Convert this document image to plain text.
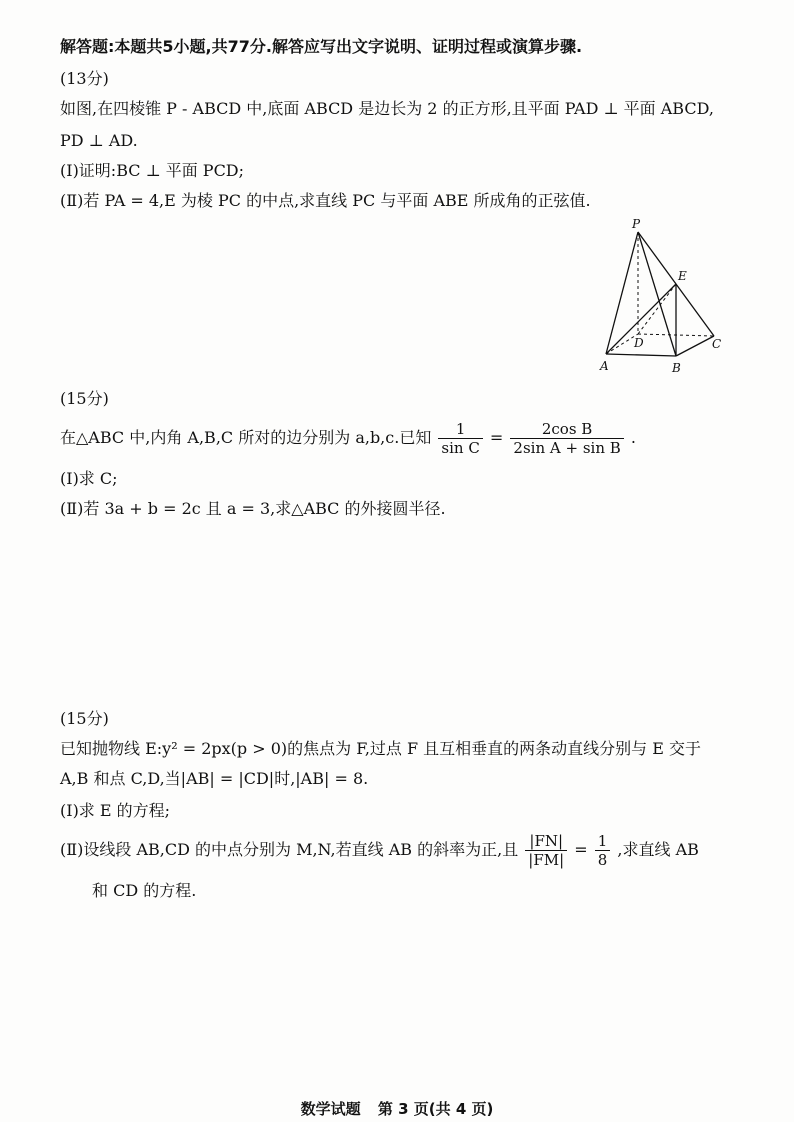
解答题:本题共5小题,共77分.解答应写出文字说明、证明过程或演算步骤.
(13分)
如图,在四棱锥 P - ABCD 中,底面 ABCD 是边长为 2 的正方形,且平面 PAD ⊥ 平面 ABCD,
PD ⊥ AD.
(Ⅰ)证明:BC ⊥ 平面 PCD;
(Ⅱ)若 PA = 4,E 为棱 PC 的中点,求直线 PC 与平面 ABE 所成角的正弦值.
P
E
D	C
A	B
(15分)
在△ABC 中,内角 A,B,C 所对的边分别为 a,b,c.已知 $\frac{1}{\text{sin C}} = \frac{\text{2cos B}}{\text{2sin A + sin B}}$ .
(Ⅰ)求 C;
(Ⅱ)若 3a + b = 2c 且 a = 3,求△ABC 的外接圆半径.
(15分)
已知抛物线 E:y² = 2px(p > 0)的焦点为 F,过点 F 且互相垂直的两条动直线分别与 E 交于
A,B 和点 C,D,当|AB| = |CD|时,|AB| = 8.
(Ⅰ)求 E 的方程;
(Ⅱ)设线段 AB,CD 的中点分别为 M,N,若直线 AB 的斜率为正,且 $\frac{|FN|}{|FM|} = \frac{1}{8}$ ,求直线 AB
和 CD 的方程.
数学试题 第 3 页(共 4 页)
